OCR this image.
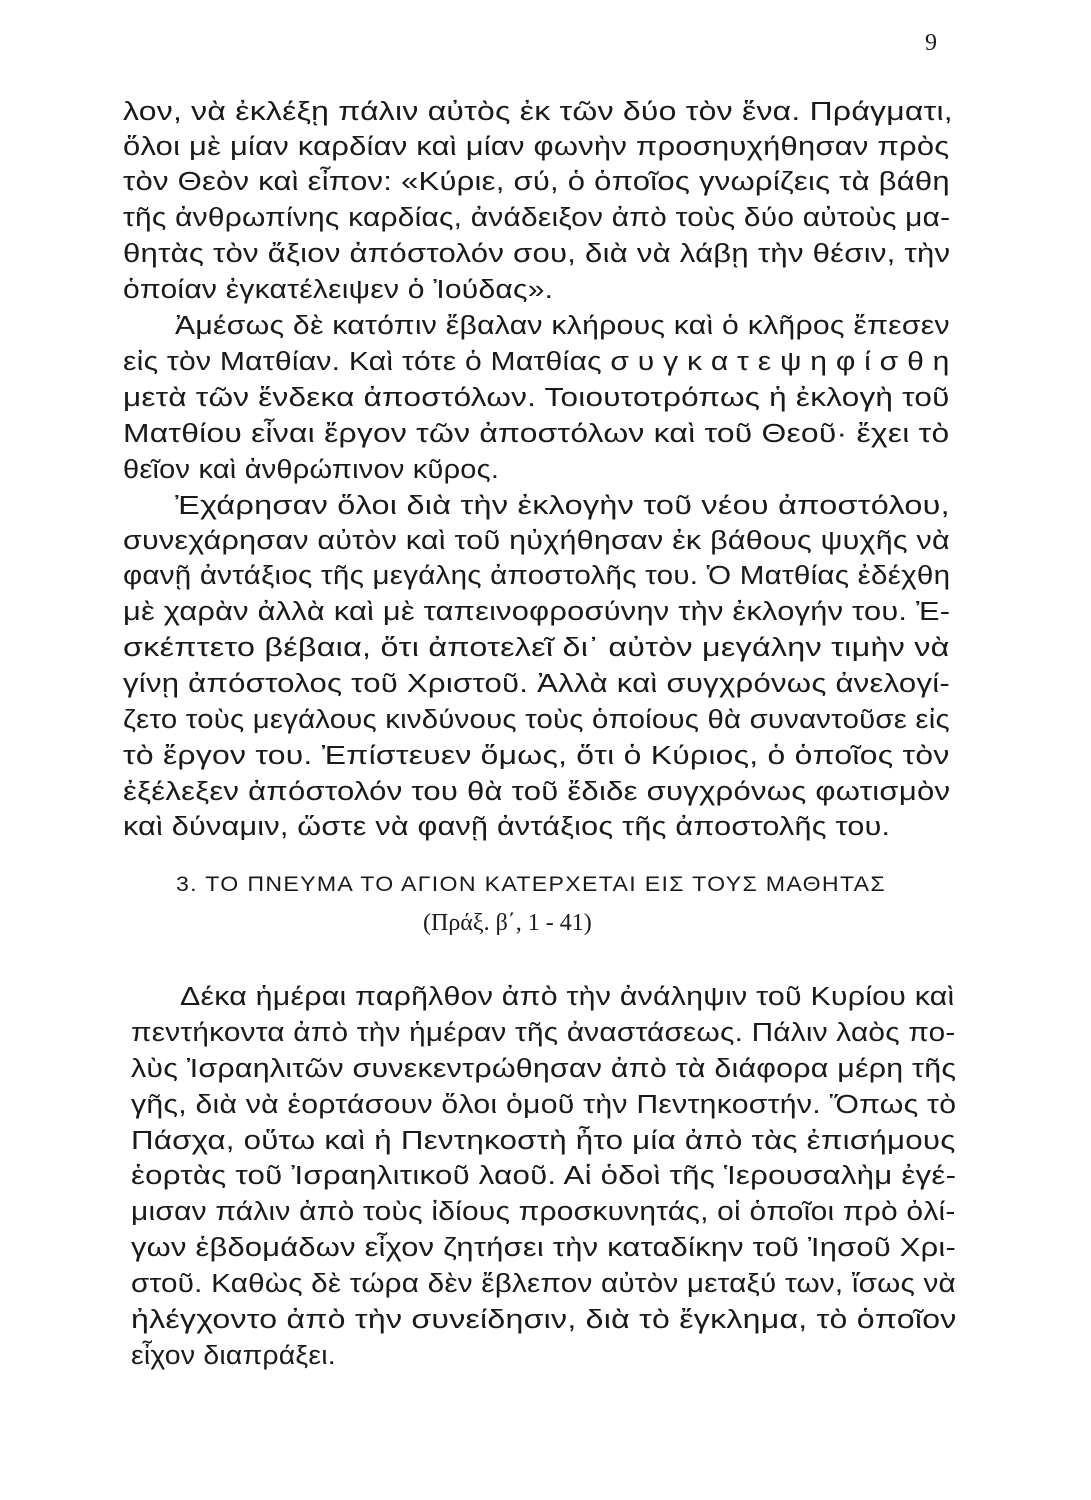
9
λον, νὰ ἐκλέξῃ πάλιν αὐτὸς ἐκ τῶν δύο τὸν ἕνα. Πράγματι,
ὅλοι μὲ μίαν καρδίαν καὶ μίαν φωνὴν προσηυχήθησαν πρὸς
τὸν Θεὸν καὶ εἶπον: «Κύριε, σύ, ὁ ὁποῖος γνωρίζεις τὰ βάθη
τῆς ἀνθρωπίνης καρδίας, ἀνάδειξον ἀπὸ τοὺς δύο αὐτοὺς μα-
θητὰς τὸν ἄξιον ἀπόστολόν σου, διὰ νὰ λάβῃ τὴν θέσιν, τὴν
ὁποίαν ἐγκατέλειψεν ὁ Ἰούδας».
Ἀμέσως δὲ κατόπιν ἔβαλαν κλήρους καὶ ὁ κλῆρος ἔπεσεν
εἰς τὸν Ματθίαν. Καὶ τότε ὁ Ματθίας σ υ γ κ α τ ε ψ η φ ί σ θ η
μετὰ τῶν ἕνδεκα ἀποστόλων. Τοιουτοτρόπως ἡ ἐκλογὴ τοῦ
Ματθίου εἶναι ἔργον τῶν ἀποστόλων καὶ τοῦ Θεοῦ· ἔχει τὸ
θεῖον καὶ ἀνθρώπινον κῦρος.
Ἐχάρησαν ὅλοι διὰ τὴν ἐκλογὴν τοῦ νέου ἀποστόλου,
συνεχάρησαν αὐτὸν καὶ τοῦ ηὐχήθησαν ἐκ βάθους ψυχῆς νὰ
φανῇ ἀντάξιος τῆς μεγάλης ἀποστολῆς του. Ὁ Ματθίας ἐδέχθη
μὲ χαρὰν ἀλλὰ καὶ μὲ ταπεινοφροσύνην τὴν ἐκλογήν του. Ἐ-
σκέπτετο βέβαια, ὅτι ἀποτελεῖ δι᾽ αὐτὸν μεγάλην τιμὴν νὰ
γίνῃ ἀπόστολος τοῦ Χριστοῦ. Ἀλλὰ καὶ συγχρόνως ἀνελογί-
ζετο τοὺς μεγάλους κινδύνους τοὺς ὁποίους θὰ συναντοῦσε εἰς
τὸ ἔργον του. Ἐπίστευεν ὅμως, ὅτι ὁ Κύριος, ὁ ὁποῖος τὸν
ἐξέλεξεν ἀπόστολόν του θὰ τοῦ ἔδιδε συγχρόνως φωτισμὸν
καὶ δύναμιν, ὥστε νὰ φανῇ ἀντάξιος τῆς ἀποστολῆς του.
3. ΤΟ ΠΝΕΥΜΑ ΤΟ ΑΓΙΟΝ ΚΑΤΕΡΧΕΤΑΙ ΕΙΣ ΤΟΥΣ ΜΑΘΗΤΑΣ
(Πράξ. β΄, 1 - 41)
Δέκα ἡμέραι παρῆλθον ἀπὸ τὴν ἀνάληψιν τοῦ Κυρίου καὶ
πεντήκοντα ἀπὸ τὴν ἡμέραν τῆς ἀναστάσεως. Πάλιν λαὸς πο-
λὺς Ἰσραηλιτῶν συνεκεντρώθησαν ἀπὸ τὰ διάφορα μέρη τῆς
γῆς, διὰ νὰ ἑορτάσουν ὅλοι ὁμοῦ τὴν Πεντηκοστήν. Ὅπως τὸ
Πάσχα, οὕτω καὶ ἡ Πεντηκοστὴ ἦτο μία ἀπὸ τὰς ἐπισήμους
ἑορτὰς τοῦ Ἰσραηλιτικοῦ λαοῦ. Αἱ ὁδοὶ τῆς Ἱερουσαλὴμ ἐγέ-
μισαν πάλιν ἀπὸ τοὺς ἰδίους προσκυνητάς, οἱ ὁποῖοι πρὸ ὀλί-
γων ἑβδομάδων εἶχον ζητήσει τὴν καταδίκην τοῦ Ἰησοῦ Χρι-
στοῦ. Καθὼς δὲ τώρα δὲν ἔβλεπον αὐτὸν μεταξύ των, ἴσως νὰ
ἠλέγχοντο ἀπὸ τὴν συνείδησιν, διὰ τὸ ἔγκλημα, τὸ ὁποῖον
εἶχον διαπράξει.
